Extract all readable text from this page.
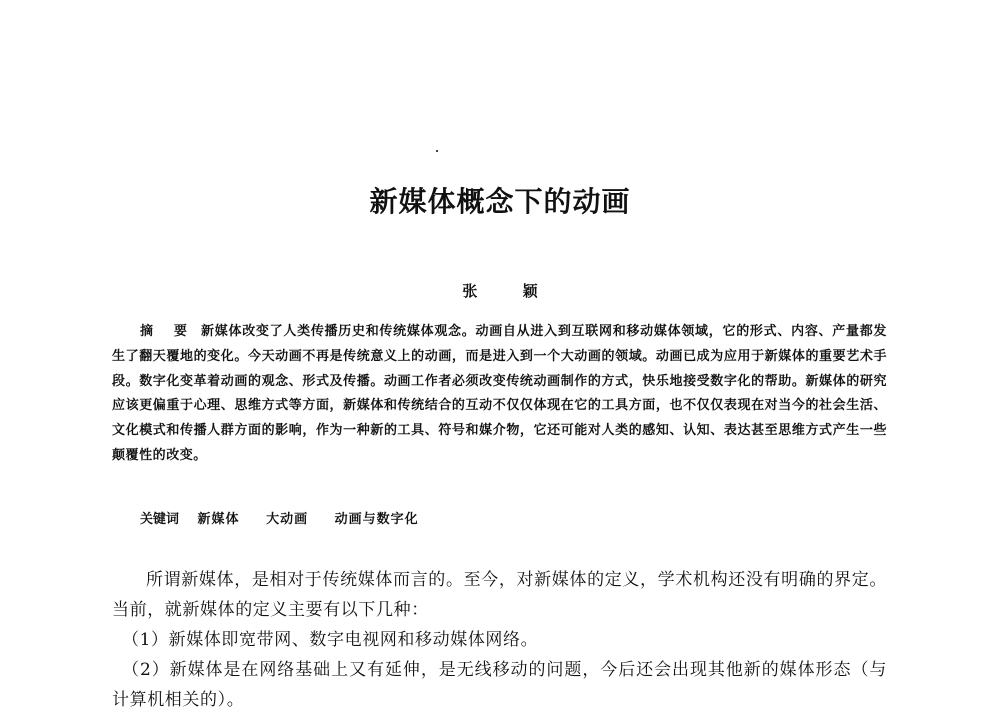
新媒体概念下的动画
张 颖
摘 要 新媒体改变了人类传播历史和传统媒体观念。动画自从进入到互联网和移动媒体领域，它的形式、内容、产量都发生了翻天覆地的变化。今天动画不再是传统意义上的动画，而是进入到一个大动画的领域。动画已成为应用于新媒体的重要艺术手段。数字化变革着动画的观念、形式及传播。动画工作者必须改变传统动画制作的方式，快乐地接受数字化的帮助。新媒体的研究应该更偏重于心理、思维方式等方面，新媒体和传统结合的互动不仅仅体现在它的工具方面，也不仅仅表现在对当今的社会生活、文化模式和传播人群方面的影响，作为一种新的工具、符号和媒介物，它还可能对人类的感知、认知、表达甚至思维方式产生一些颠覆性的改变。
关键词 新媒体 大动画 动画与数字化

所谓新媒体，是相对于传统媒体而言的。至今，对新媒体的定义，学术机构还没有明确的界定。当前，就新媒体的定义主要有以下几种：

（1）新媒体即宽带网、数字电视网和移动媒体网络。

（2）新媒体是在网络基础上又有延伸，是无线移动的问题，今后还会出现其他新的媒体形态（与计算机相关的）。
